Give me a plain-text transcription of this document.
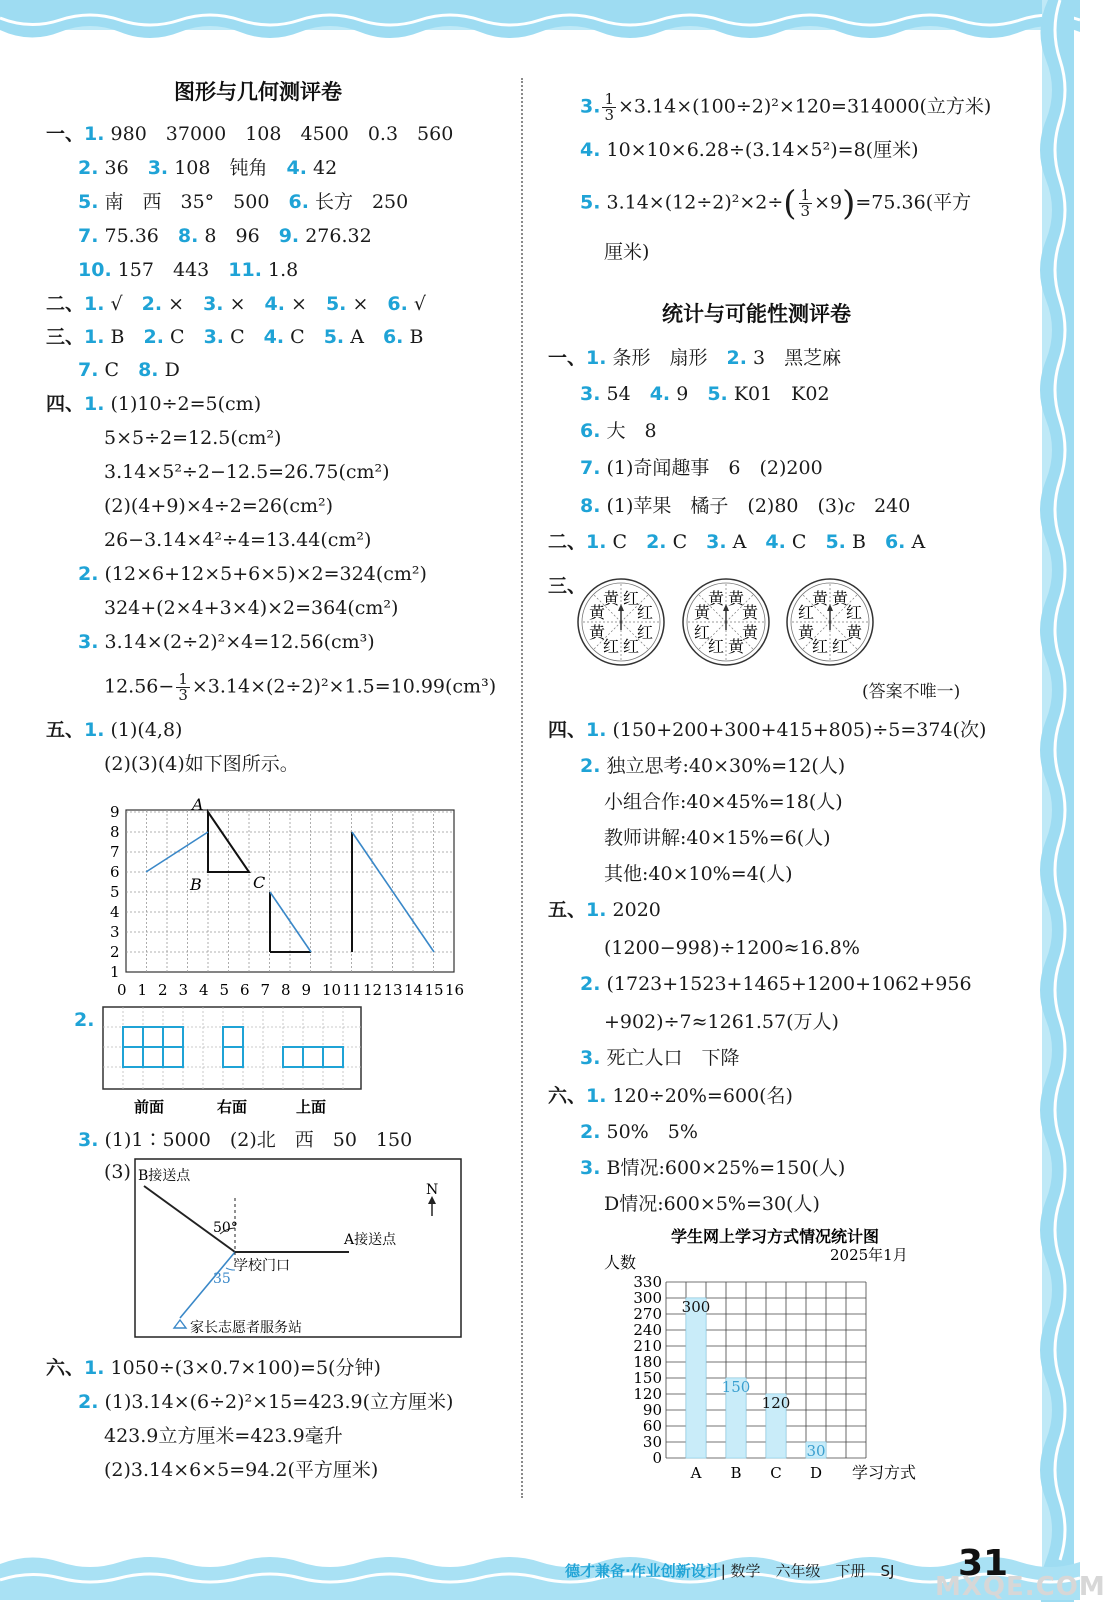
图形与几何测评卷
一、1. 980　37000　108　4500　0.3　560
2. 36　 3. 108　钝角　 4. 42
5. 南　西　35°　500　 6. 长方　250
7. 75.36　 8. 8　96　 9. 276.32
10. 157　443　 11. 1.8
二、1. √　 2. ×　 3. ×　 4. ×　 5. ×　 6. √
三、1. B　 2. C　 3. C　 4. C　 5. A　 6. B
7. C　 8. D
四、1. (1)10÷2=5(cm)
5×5÷2=12.5(cm²)
3.14×5²÷2−12.5=26.75(cm²)
(2)(4+9)×4÷2=26(cm²)
26−3.14×4²÷4=13.44(cm²)
2. (12×6+12×5+6×5)×2=324(cm²)
324+(2×4+3×4)×2=364(cm²)
3. 3.14×(2÷2)²×4=12.56(cm³)
$12.56- \frac{1}{3} \times 3.14\times(2\div 2)^2\times 1.5=10.99(cm^3)$
五、1. (1)(4,8)
(2)(3)(4)如下图所示。
1
2
3
4
5
6
7
8
9
0 1 2 3 4 5 6 7 8 9 10 11 12 13 14 15 16
A
B	C
2.
前面	右面	上面
3. (1)1∶5000　(2)北　西　50　150
(3)
N
B接送点
A接送点
学校门口
家长志愿者服务站
50°
35
六、1. 1050÷(3×0.7×100)=5(分钟)
2. (1)3.14×(6÷2)²×15=423.9(立方厘米)
423.9立方厘米=423.9毫升
(2)3.14×6×5=94.2(平方厘米)
3. $\frac{1}{3} \times 3.14\times(100\div 2)^2\times 120=314000$(立方米)
4. 10×10×6.28÷(3.14×5²)=8(厘米)
5. $3.14\times(12\div 2)^2\times 2\div( \frac{1}{3} \times 9)=75.36$(平方
厘米)
统计与可能性测评卷
一、1. 条形　扇形　 2. 3　黑芝麻
3. 54　 4. 9　 5. K01　K02
6. 大　8
7. (1)奇闻趣事　6　(2)200
8. (1)苹果　橘子　(2)80　(3)c　240
二、1. C　 2. C　 3. A　 4. C　 5. B　 6. A
三、
红
红
红
红
红
黄
黄
黄	黄
黄
黄
黄
红
红
黄
黄	黄
红
黄
红
红
黄
红
黄
(答案不唯一)
四、1. (150+200+300+415+805)÷5=374(次)
2. 独立思考:40×30%=12(人)
小组合作:40×45%=18(人)
教师讲解:40×15%=6(人)
其他:40×10%=4(人)
五、1. 2020
(1200−998)÷1200≈16.8%
2. (1723+1523+1465+1200+1062+956
+902)÷7≈1261.57(万人)
3. 死亡人口　下降
六、1. 120÷20%=600(名)
2. 50%　5%
3. B情况:600×25%=150(人)
D情况:600×5%=30(人)
学生网上学习方式情况统计图
2025年1月
人数
0
30
60
90
120
150
180
210
240
270
300
330
300
A
150
B
120
C
30
D 学习方式
德才兼备·作业创新设计| 数学　六年级　下册　SJ 31
MXQE.COM
